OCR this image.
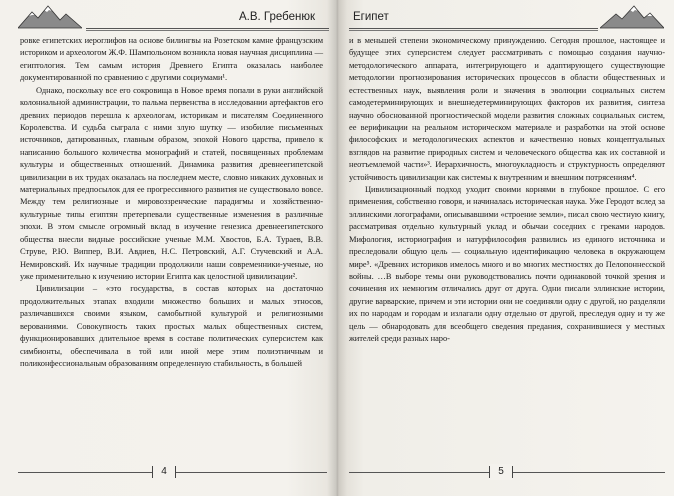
А.В. Гребенюк

ровке египетских иероглифов на основе билингвы на Розетском камне французским историком и археологом Ж.Ф. Шампольоном возникла новая научная дисциплина — египтология. Тем самым история Древнего Египта оказалась наиболее документированной по сравнению с другими социумами¹.

Однако, поскольку все его сокровища в Новое время попали в руки английской колониальной администрации, то пальма первенства в исследовании артефактов его древних периодов перешла к археологам, историкам и писателям Соединенного Королевства. И судьба сыграла с ними злую шутку — изобилие письменных источников, датированных, главным образом, эпохой Нового царства, привело к написанию большого количества монографий и статей, посвященных проблемам культуры и общественных отношений. Динамика развития древнеегипетской цивилизации в их трудах оказалась на последнем месте, словно никаких духовных и материальных предпосылок для ее прогрессивного развития не существовало вовсе. Между тем религиозные и мировоззренческие парадигмы и хозяйственно-культурные типы египтян претерпевали существенные изменения в различные эпохи. В этом смысле огромный вклад в изучение генезиса древнеегипетского общества внесли видные российские ученые М.М. Хвостов, Б.А. Тураев, В.В. Струве, Р.Ю. Виппер, В.И. Авдиев, Н.С. Петровский, А.Г. Стучевский и А.А. Немировский. Их научные традиции продолжили наши современники-ученые, но уже применительно к изучению истории Египта как целостной цивилизации².

Цивилизации – «это государства, в состав которых на достаточно продолжительных этапах входили множество больших и малых этносов, различавшихся своими языком, самобытной культурой и религиозными верованиями. Совокупность таких простых малых общественных систем, функционировавших длительное время в составе политических суперсистем как симбионты, обеспечивала в той или иной мере этим полиэтничным и поликонфессиональным образованиям определенную стабильность, в большей

4
Египет

и в меньшей степени экономическому принуждению. Сегодня прошлое, настоящее и будущее этих суперсистем следует рассматривать с помощью создания научно-методологического аппарата, интегрирующего и адаптирующего существующие методологии прогнозирования исторических процессов в области общественных и естественных наук, выявления роли и значения в эволюции социальных систем самодетерминирующих и внешнедетерминирующих факторов их развития, синтеза научно обоснованной прогностической модели развития сложных социальных систем, ее верификации на реальном историческом материале и разработки на этой основе философских и методологических аспектов и качественно новых концептуальных взглядов на развитие природных систем и человеческого общества как их составной и неотъемлемой части»³. Иерархичность, многоукладность и структурность определяют устойчивость цивилизации как системы к внутренним и внешним потрясениям⁴.

Цивилизационный подход уходит своими корнями в глубокое прошлое. С его применения, собственно говоря, и начиналась историческая наука. Уже Геродот вслед за эллинскими логографами, описывавшими «строение земли», писал свою честную книгу, рассматривая отдельно культурный уклад и обычаи соседних с греками народов. Мифология, историография и натурфилософия развились из единого источника и преследовали общую цель — социальную идентификацию человека в окружающем мире⁵. «Древних историков имелось много и во многих местностях до Пелопоннесской войны. …В выборе темы они руководствовались почти одинаковой точкой зрения и сочинения их немногим отличались друг от друга. Одни писали эллинские истории, другие варварские, причем и эти истории они не соединяли одну с другой, но разделяли их по народам и городам и излагали одну отдельно от другой, преследуя одну и ту же цель — обнародовать для всеобщего сведения предания, сохранившиеся у местных жителей среди разных наро-

5
